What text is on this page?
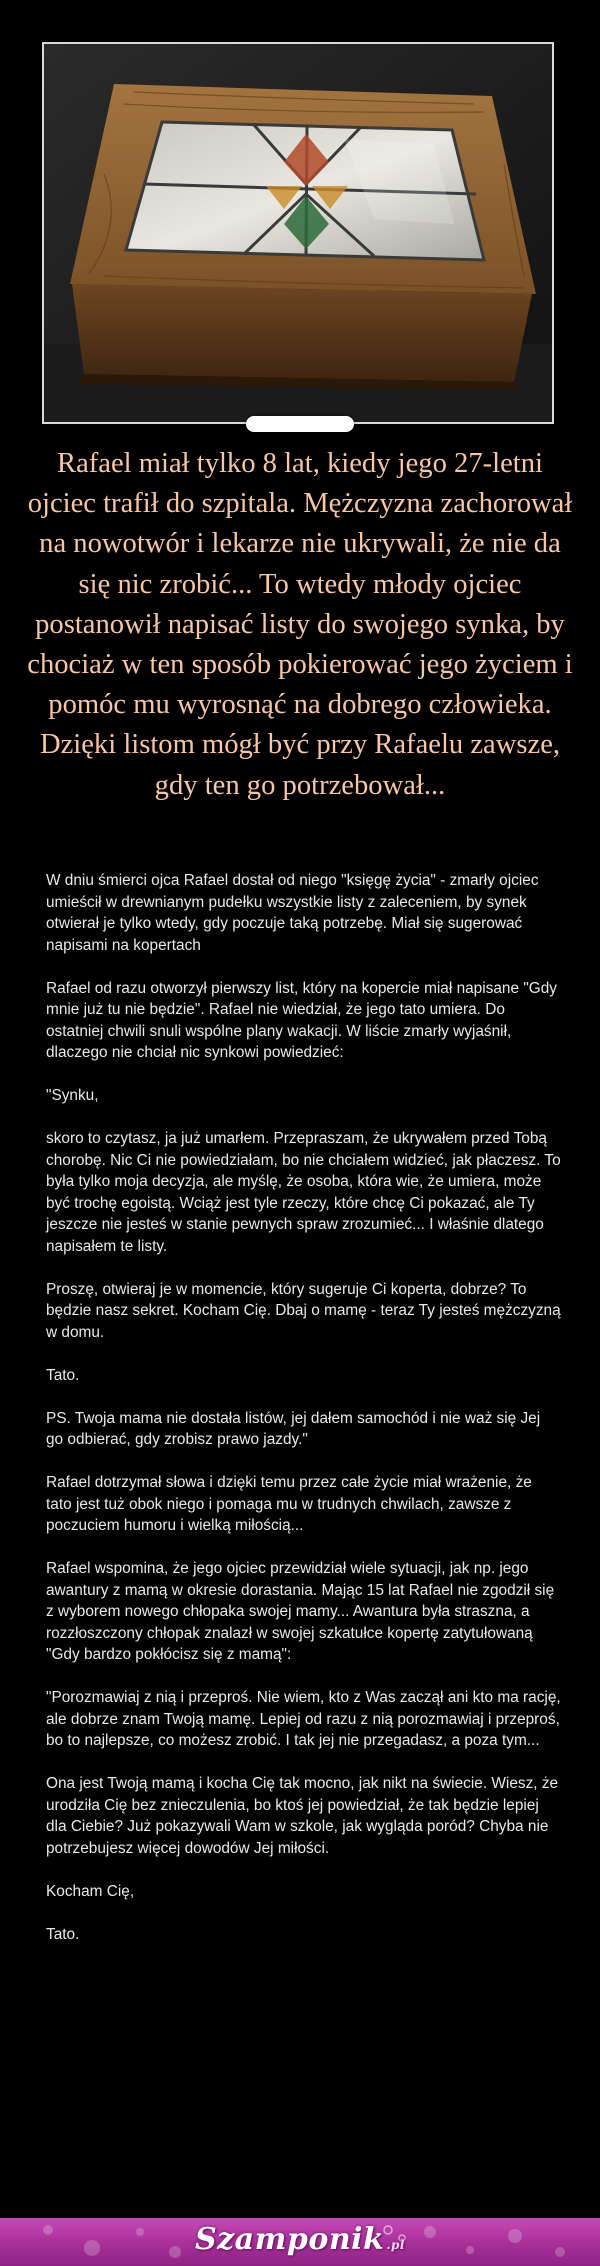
Rafael miał tylko 8 lat, kiedy jego 27-letni ojciec trafił do szpitala. Mężczyzna zachorował na nowotwór i lekarze nie ukrywali, że nie da się nic zrobić... To wtedy młody ojciec postanowił napisać listy do swojego synka, by chociaż w ten sposób pokierować jego życiem i pomóc mu wyrosnąć na dobrego człowieka. Dzięki listom mógł być przy Rafaelu zawsze, gdy ten go potrzebował...

W dniu śmierci ojca Rafael dostał od niego "księgę życia" - zmarły ojciec umieścił w drewnianym pudełku wszystkie listy z zaleceniem, by synek otwierał je tylko wtedy, gdy poczuje taką potrzebę. Miał się sugerować napisami na kopertach

Rafael od razu otworzył pierwszy list, który na kopercie miał napisane "Gdy mnie już tu nie będzie". Rafael nie wiedział, że jego tato umiera. Do ostatniej chwili snuli wspólne plany wakacji. W liście zmarły wyjaśnił, dlaczego nie chciał nic synkowi powiedzieć:

"Synku,

skoro to czytasz, ja już umarłem. Przepraszam, że ukrywałem przed Tobą chorobę. Nic Ci nie powiedziałam, bo nie chciałem widzieć, jak płaczesz. To była tylko moja decyzja, ale myślę, że osoba, która wie, że umiera, może być trochę egoistą. Wciąż jest tyle rzeczy, które chcę Ci pokazać, ale Ty jeszcze nie jesteś w stanie pewnych spraw zrozumieć... I właśnie dlatego napisałem te listy.

Proszę, otwieraj je w momencie, który sugeruje Ci koperta, dobrze? To będzie nasz sekret. Kocham Cię. Dbaj o mamę - teraz Ty jesteś mężczyzną w domu.

Tato.

PS. Twoja mama nie dostała listów, jej dałem samochód i nie waż się Jej go odbierać, gdy zrobisz prawo jazdy."

Rafael dotrzymał słowa i dzięki temu przez całe życie miał wrażenie, że tato jest tuż obok niego i pomaga mu w trudnych chwilach, zawsze z poczuciem humoru i wielką miłością...

Rafael wspomina, że jego ojciec przewidział wiele sytuacji, jak np. jego awantury z mamą w okresie dorastania. Mając 15 lat Rafael nie zgodził się z wyborem nowego chłopaka swojej mamy... Awantura była straszna, a rozzłoszczony chłopak znalazł w swojej szkatułce kopertę zatytułowaną "Gdy bardzo pokłócisz się z mamą":

"Porozmawiaj z nią i przeproś. Nie wiem, kto z Was zaczął ani kto ma rację, ale dobrze znam Twoją mamę. Lepiej od razu z nią porozmawiaj i przeproś, bo to najlepsze, co możesz zrobić. I tak jej nie przegadasz, a poza tym...

Ona jest Twoją mamą i kocha Cię tak mocno, jak nikt na świecie. Wiesz, że urodziła Cię bez znieczulenia, bo ktoś jej powiedział, że tak będzie lepiej dla Ciebie? Już pokazywali Wam w szkole, jak wygląda poród? Chyba nie potrzebujesz więcej dowodów Jej miłości.

Kocham Cię,

Tato.

Szamponik .pl
